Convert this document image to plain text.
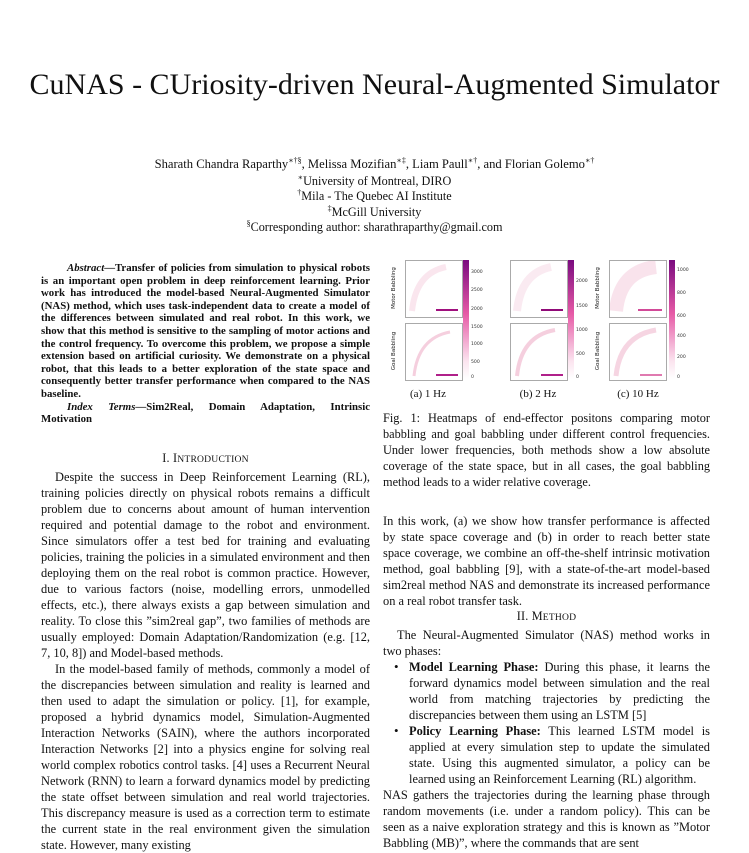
CuNAS - CUriosity-driven Neural-Augmented Simulator
Sharath Chandra Raparthy∗†§, Melissa Mozifian∗‡, Liam Paull∗†, and Florian Golemo∗†
∗University of Montreal, DIRO
†Mila - The Quebec AI Institute
‡McGill University
§Corresponding author: sharathraparthy@gmail.com
Abstract—Transfer of policies from simulation to physical robots is an important open problem in deep reinforcement learning. Prior work has introduced the model-based Neural-Augmented Simulator (NAS) method, which uses task-independent data to create a model of the differences between simulated and real robot. In this work, we show that this method is sensitive to the sampling of motor actions and the control frequency. To overcome this problem, we propose a simple extension based on artificial curiosity. We demonstrate on a physical robot, that this leads to a better exploration of the state space and consequently better transfer performance when compared to the NAS baseline.
Index Terms—Sim2Real, Domain Adaptation, Intrinsic Motivation
I. INTRODUCTION

Despite the success in Deep Reinforcement Learning (RL), training policies directly on physical robots remains a difficult problem due to concerns about amount of human intervention required and potential damage to the robot and environment. Since simulators offer a test bed for training and evaluating policies, training the policies in a simulated environment and then deploying them on the real robot is common practice. However, due to various factors (noise, modelling errors, unmodelled effects, etc.), there always exists a gap between simulation and reality. To close this ”sim2real gap”, two families of methods are usually employed: Domain Adaptation/Randomization (e.g. [12, 7, 10, 8]) and Model-based methods.

In the model-based family of methods, commonly a model of the discrepancies between simulation and reality is learned and then used to adapt the simulation or policy. [1], for example, proposed a hybrid dynamics model, Simulation-Augmented Interaction Networks (SAIN), where the authors incorporated Interaction Networks [2] into a physics engine for solving real world complex robotics control tasks. [4] uses a Recurrent Neural Network (RNN) to learn a forward dynamics model by predicting the state offset between simulation and real world trajectories. This discrepancy measure is used as a correction term to estimate the current state in the real environment given the simulation state. However, many existing

Motor Babbling
Goal Babbling
3000
2500
2000
1500
1000
500
0
2000
1500
1000
500
0
Motor Babbling
Goal Babbling
1000
800
600
400
200
0
(a) 1 Hz	(b) 2 Hz	(c) 10 Hz
Fig. 1: Heatmaps of end-effector positons comparing motor babbling and goal babbling under different control frequencies. Under lower frequencies, both methods show a low absolute coverage of the state space, but in all cases, the goal babbling method leads to a wider relative coverage.
In this work, (a) we show how transfer performance is affected by state space coverage and (b) in order to reach better state space coverage, we combine an off-the-shelf intrinsic motivation method, goal babbling [9], with a state-of-the-art model-based sim2real method NAS and demonstrate its increased performance on a real robot transfer task.
II. METHOD

The Neural-Augmented Simulator (NAS) method works in two phases:

• Model Learning Phase: During this phase, it learns the forward dynamics model between simulation and the real world from matching trajectories by predicting the discrepancies between them using an LSTM [5]
• Policy Learning Phase: This learned LSTM model is applied at every simulation step to update the simulated state. Using this augmented simulator, a policy can be learned using an Reinforcement Learning (RL) algorithm.
NAS gathers the trajectories during the learning phase through random movements (i.e. under a random policy). This can be seen as a naive exploration strategy and this is known as ”Motor Babbling (MB)”, where the commands that are sent
